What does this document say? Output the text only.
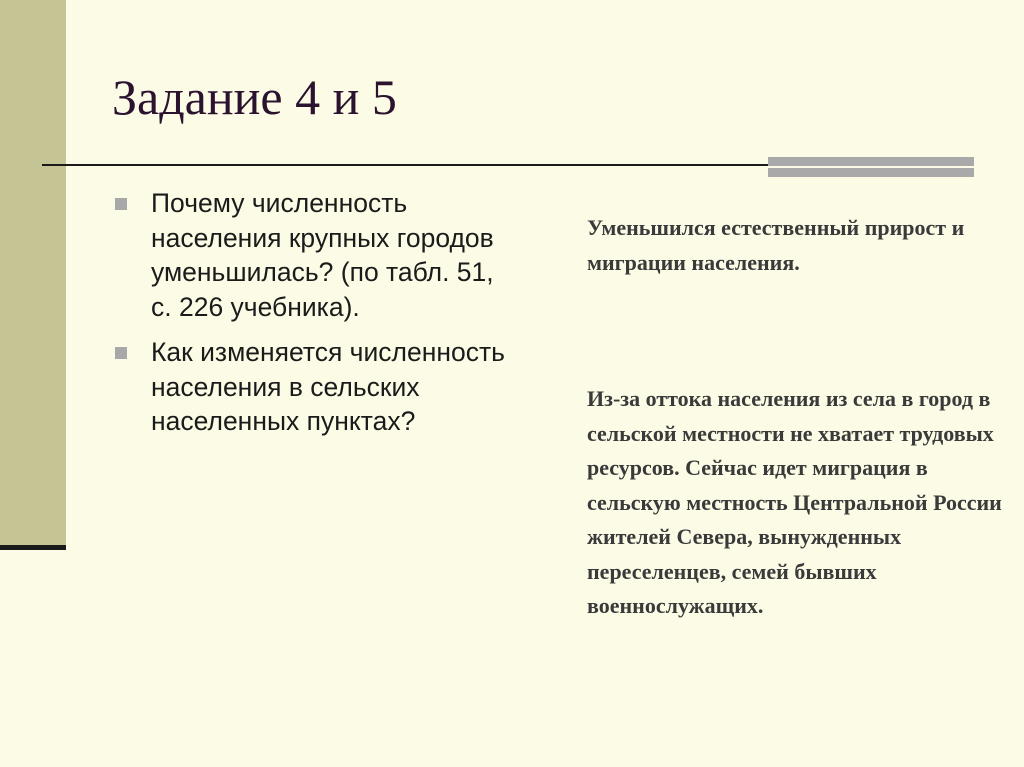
Задание 4 и 5
Почему численность населения крупных городов уменьшилась? (по табл. 51, с. 226 учебника).
Как изменяется численность населения в сельских населенных пунктах?

Уменьшился естественный прирост и миграции населения.

Из-за оттока населения из села в город в сельской местности не хватает трудовых ресурсов. Сейчас идет миграция в сельскую местность Центральной России жителей Севера, вынужденных переселенцев, семей бывших военнослужащих.
